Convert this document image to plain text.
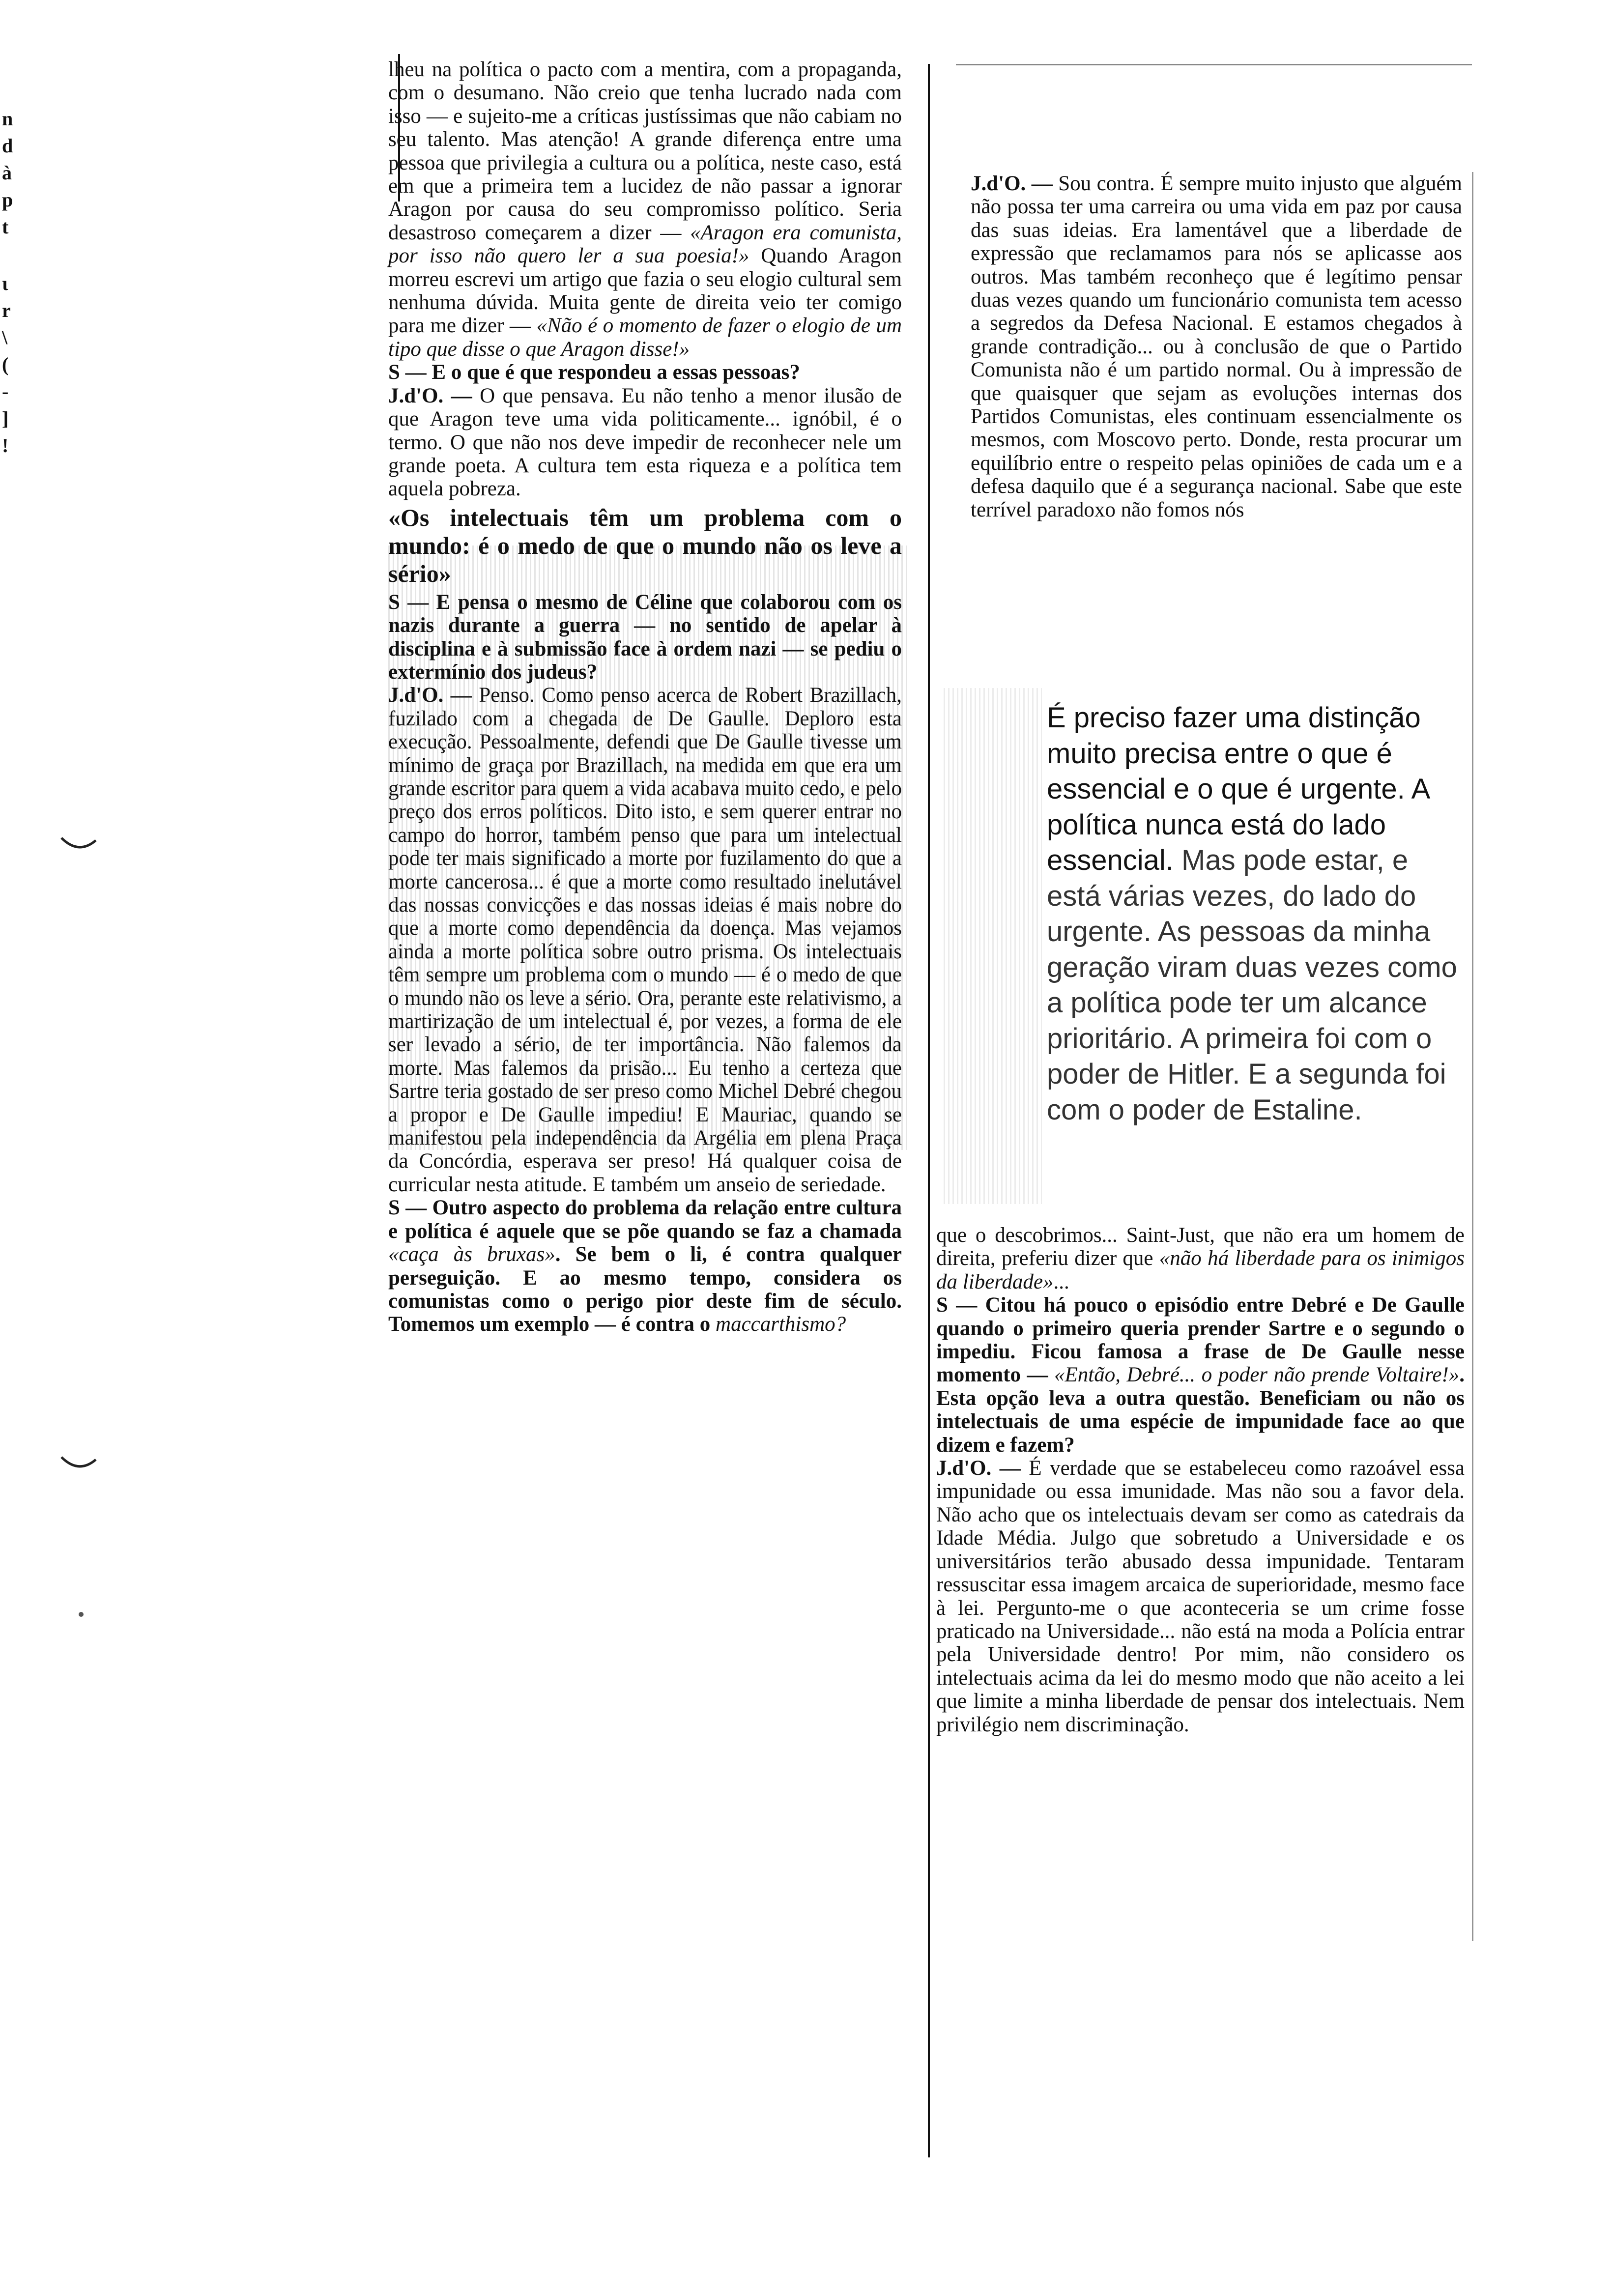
n
d
à
p
t
ι
r
\
(
-
]
!

lheu na política o pacto com a mentira, com a propaganda, com o desumano. Não creio que tenha lucrado nada com isso — e sujeito-me a críticas justíssimas que não cabiam no seu talento. Mas atenção! A grande diferença entre uma pessoa que privilegia a cultura ou a política, neste caso, está em que a primeira tem a lucidez de não passar a ignorar Aragon por causa do seu compromisso político. Seria desastroso começarem a dizer — «Aragon era comunista, por isso não quero ler a sua poesia!» Quando Aragon morreu escrevi um artigo que fazia o seu elogio cultural sem nenhuma dúvida. Muita gente de direita veio ter comigo para me dizer — «Não é o momento de fazer o elogio de um tipo que disse o que Aragon disse!»

S — E o que é que respondeu a essas pessoas?

J.d'O. — O que pensava. Eu não tenho a menor ilusão de que Aragon teve uma vida politicamente... ignóbil, é o termo. O que não nos deve impedir de reconhecer nele um grande poeta. A cultura tem esta riqueza e a política tem aquela pobreza.

«Os intelectuais têm um problema com o mundo: é o medo de que o mundo não os leve a sério»

S — E pensa o mesmo de Céline que colaborou com os nazis durante a guerra — no sentido de apelar à disciplina e à submissão face à ordem nazi — se pediu o extermínio dos judeus?

J.d'O. — Penso. Como penso acerca de Robert Brazillach, fuzilado com a chegada de De Gaulle. Deploro esta execução. Pessoalmente, defendi que De Gaulle tivesse um mínimo de graça por Brazillach, na medida em que era um grande escritor para quem a vida acabava muito cedo, e pelo preço dos erros políticos. Dito isto, e sem querer entrar no campo do horror, também penso que para um intelectual pode ter mais significado a morte por fuzilamento do que a morte cancerosa... é que a morte como resultado inelutável das nossas convicções e das nossas ideias é mais nobre do que a morte como dependência da doença. Mas vejamos ainda a morte política sobre outro prisma. Os intelectuais têm sempre um problema com o mundo — é o medo de que o mundo não os leve a sério. Ora, perante este relativismo, a martirização de um intelectual é, por vezes, a forma de ele ser levado a sério, de ter importância. Não falemos da morte. Mas falemos da prisão... Eu tenho a certeza que Sartre teria gostado de ser preso como Michel Debré chegou a propor e De Gaulle impediu! E Mauriac, quando se manifestou pela independência da Argélia em plena Praça da Concórdia, esperava ser preso! Há qualquer coisa de curricular nesta atitude. E também um anseio de seriedade.

S — Outro aspecto do problema da relação entre cultura e política é aquele que se põe quando se faz a chamada «caça às bruxas». Se bem o li, é contra qualquer perseguição. E ao mesmo tempo, considera os comunistas como o perigo pior deste fim de século. Tomemos um exemplo — é contra o maccarthismo?

J.d'O. — Sou contra. É sempre muito injusto que alguém não possa ter uma carreira ou uma vida em paz por causa das suas ideias. Era lamentável que a liberdade de expressão que reclamamos para nós se aplicasse aos outros. Mas também reconheço que é legítimo pensar duas vezes quando um funcionário comunista tem acesso a segredos da Defesa Nacional. E estamos chegados à grande contradição... ou à conclusão de que o Partido Comunista não é um partido normal. Ou à impressão de que quaisquer que sejam as evoluções internas dos Partidos Comunistas, eles continuam essencialmente os mesmos, com Moscovo perto. Donde, resta procurar um equilíbrio entre o respeito pelas opiniões de cada um e a defesa daquilo que é a segurança nacional. Sabe que este terrível paradoxo não fomos nós

É preciso fazer uma distinção muito precisa entre o que é essencial e o que é urgente. A política nunca está do lado essencial. Mas pode estar, e está várias vezes, do lado do urgente. As pessoas da minha geração viram duas vezes como a política pode ter um alcance prioritário. A primeira foi com o poder de Hitler. E a segunda foi com o poder de Estaline.

que o descobrimos... Saint-Just, que não era um homem de direita, preferiu dizer que «não há liberdade para os inimigos da liberdade»...

S — Citou há pouco o episódio entre Debré e De Gaulle quando o primeiro queria prender Sartre e o segundo o impediu. Ficou famosa a frase de De Gaulle nesse momento — «Então, Debré... o poder não prende Voltaire!». Esta opção leva a outra questão. Beneficiam ou não os intelectuais de uma espécie de impunidade face ao que dizem e fazem?

J.d'O. — É verdade que se estabeleceu como razoável essa impunidade ou essa imunidade. Mas não sou a favor dela. Não acho que os intelectuais devam ser como as catedrais da Idade Média. Julgo que sobretudo a Universidade e os universitários terão abusado dessa impunidade. Tentaram ressuscitar essa imagem arcaica de superioridade, mesmo face à lei. Pergunto-me o que aconteceria se um crime fosse praticado na Universidade... não está na moda a Polícia entrar pela Universidade dentro! Por mim, não considero os intelectuais acima da lei do mesmo modo que não aceito a lei que limite a minha liberdade de pensar dos intelectuais. Nem privilégio nem discriminação.
